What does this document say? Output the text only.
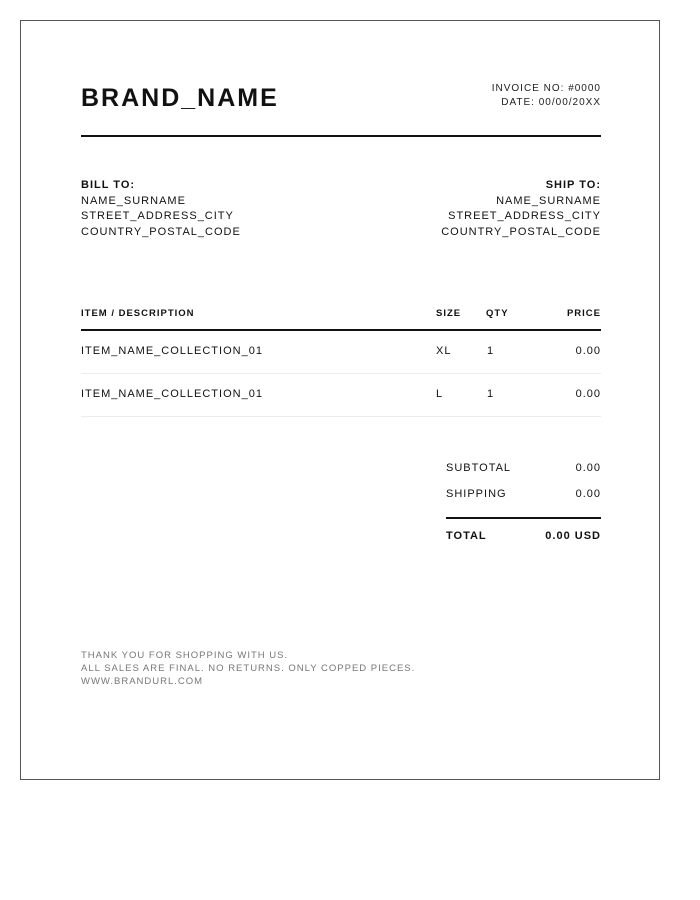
BRAND_NAME	INVOICE NO: #0000
DATE: 00/00/20XX
BILL TO:
NAME_SURNAME
STREET_ADDRESS_CITY
COUNTRY_POSTAL_CODE
SHIP TO:
NAME_SURNAME
STREET_ADDRESS_CITY
COUNTRY_POSTAL_CODE
ITEM / DESCRIPTION	SIZE	QTY	PRICE
ITEM_NAME_COLLECTION_01	XL	1	0.00
ITEM_NAME_COLLECTION_01	L	1	0.00
SUBTOTAL	0.00
SHIPPING	0.00
TOTAL	0.00 USD
THANK YOU FOR SHOPPING WITH US.
ALL SALES ARE FINAL. NO RETURNS. ONLY COPPED PIECES.
WWW.BRANDURL.COM
